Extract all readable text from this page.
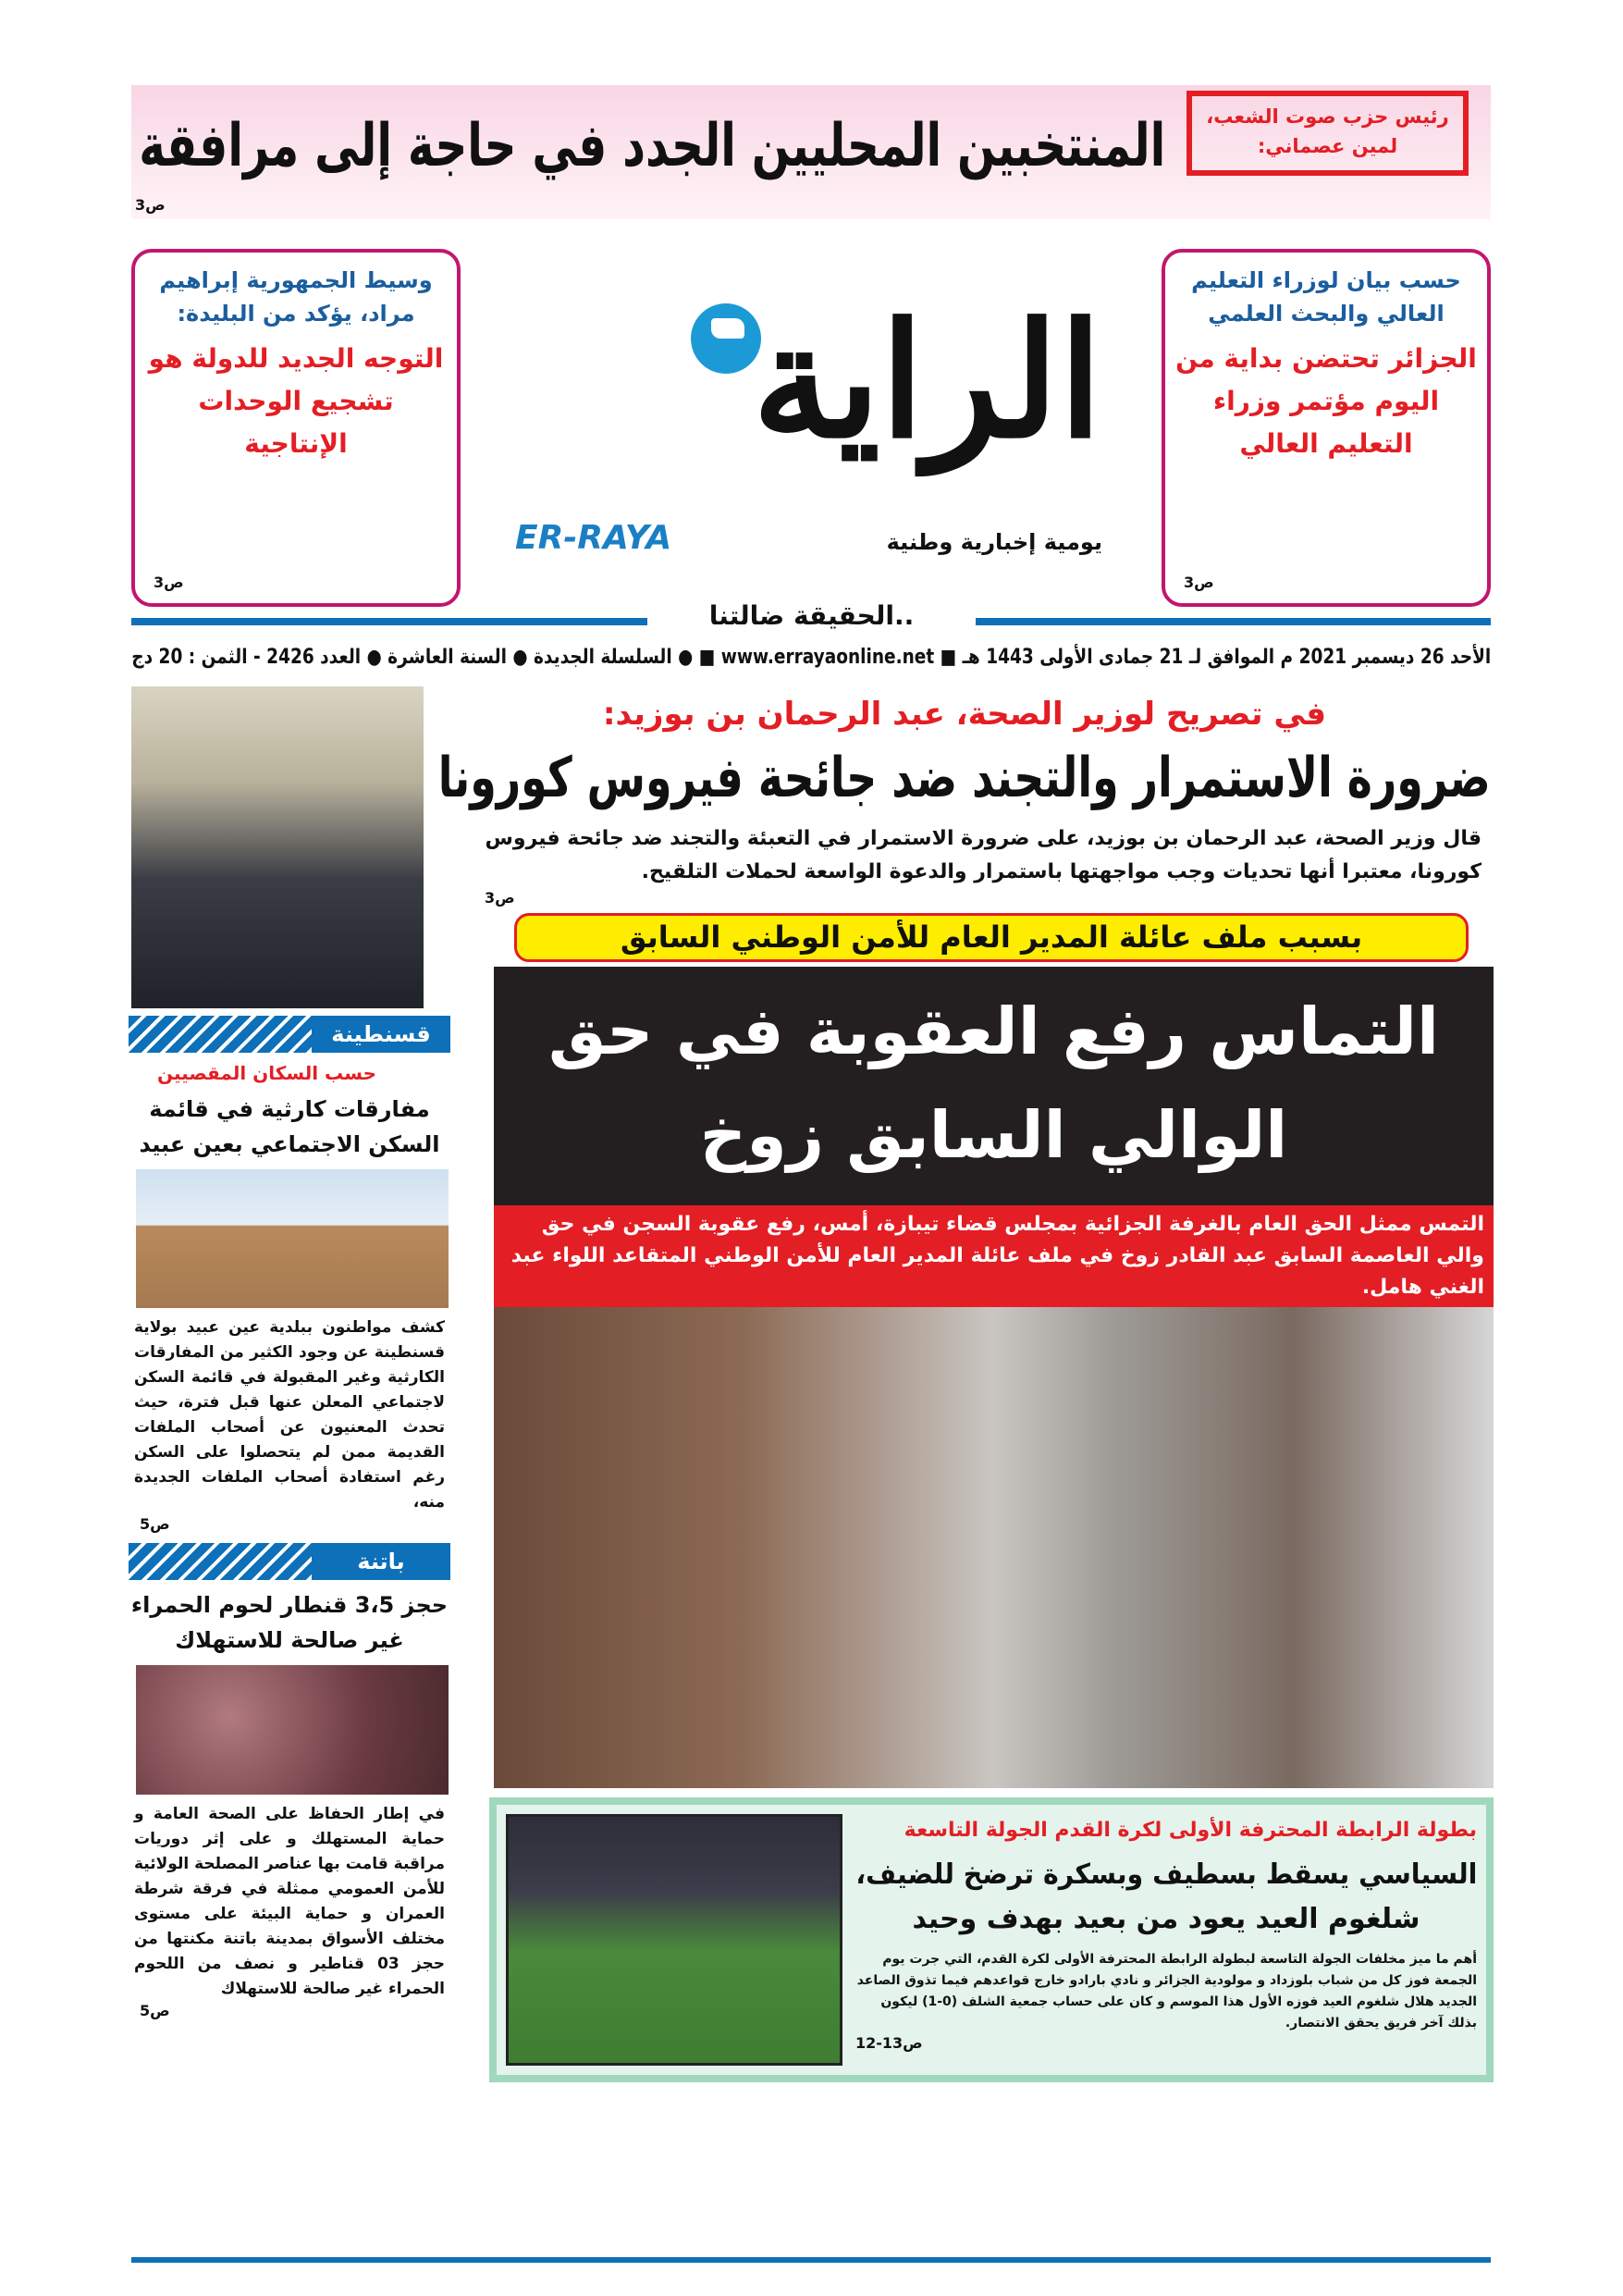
المنتخبين المحليين الجدد في حاجة إلى مرافقة	رئيس حزب صوت الشعب، لمين عصماني:
ص3
حسب بيان لوزراء التعليم العالي والبحث العلمي
الجزائر تحتضن بداية من اليوم مؤتمر وزراء التعليم العالي
ص3
وسيط الجمهورية إبراهيم مراد، يؤكد من البليدة:
التوجه الجديد للدولة هو تشجيع الوحدات الإنتاجية
ص3
الراية
ER-RAYA	يومية إخبارية وطنية
..الحقيقة ضالتنا
الأحد 26 ديسمبر 2021 م الموافق لـ 21 جمادى الأولى 1443 هـ ■ www.errayaonline.net ■ ● السلسلة الجديدة ● السنة العاشرة ● العدد 2426 - الثمن : 20 دج
في تصريح لوزير الصحة، عبد الرحمان بن بوزيد:
ضرورة الاستمرار والتجند ضد جائحة فيروس كورونا
قال وزير الصحة، عبد الرحمان بن بوزيد، على ضرورة الاستمرار في التعبئة والتجند ضد جائحة فيروس كورونا، معتبرا أنها تحديات وجب مواجهتها باستمرار والدعوة الواسعة لحملات التلقيح.
ص3
بسبب ملف عائلة المدير العام للأمن الوطني السابق
التماس رفع العقوبة في حق
الوالي السابق زوخ
التمس ممثل الحق العام بالغرفة الجزائية بمجلس قضاء تيبازة، أمس، رفع عقوبة السجن في حق والي العاصمة السابق عبد القادر زوخ في ملف عائلة المدير العام للأمن الوطني المتقاعد اللواء عبد الغني هامل.
بطولة الرابطة المحترفة الأولى لكرة القدم الجولة التاسعة
السياسي يسقط بسطيف وبسكرة ترضخ للضيف،
شلغوم العيد يعود من بعيد بهدف وحيد
أهم ما ميز مخلفات الجولة التاسعة لبطولة الرابطة المحترفة الأولى لكرة القدم، التي جرت يوم الجمعة فوز كل من شباب بلوزداد و مولودية الجزائر و نادي بارادو خارج قواعدهم فيما تذوق الصاعد الجديد هلال شلغوم العيد فوزه الأول هذا الموسم و كان على حساب جمعية الشلف (0-1) ليكون بذلك آخر فريق يحقق الانتصار.
ص13-12
قسنطينة
حسب السكان المقصيين
مفارقات كارثية في قائمة السكن الاجتماعي بعين عبيد
كشف مواطنون ببلدية عين عبيد بولاية قسنطينة عن وجود الكثير من المفارقات الكارثية وغير المقبولة في قائمة السكن لاجتماعي المعلن عنها قبل فترة، حيث تحدث المعنيون عن أصحاب الملفات القديمة ممن لم يتحصلوا على السكن رغم استفادة أصحاب الملفات الجديدة منه،
ص5
باتنة
حجز 3،5 قنطار لحوم الحمراء غير صالحة للاستهلاك
في إطار الحفاظ على الصحة العامة و حماية المستهلك و على إثر دوريات مراقبة قامت بها عناصر المصلحة الولائية للأمن العمومي ممثلة في فرقة شرطة العمران و حماية البيئة على مستوى مختلف الأسواق بمدينة باتنة مكنتها من حجز 03 قناطير و نصف من اللحوم الحمراء غير صالحة للاستهلاك
ص5
